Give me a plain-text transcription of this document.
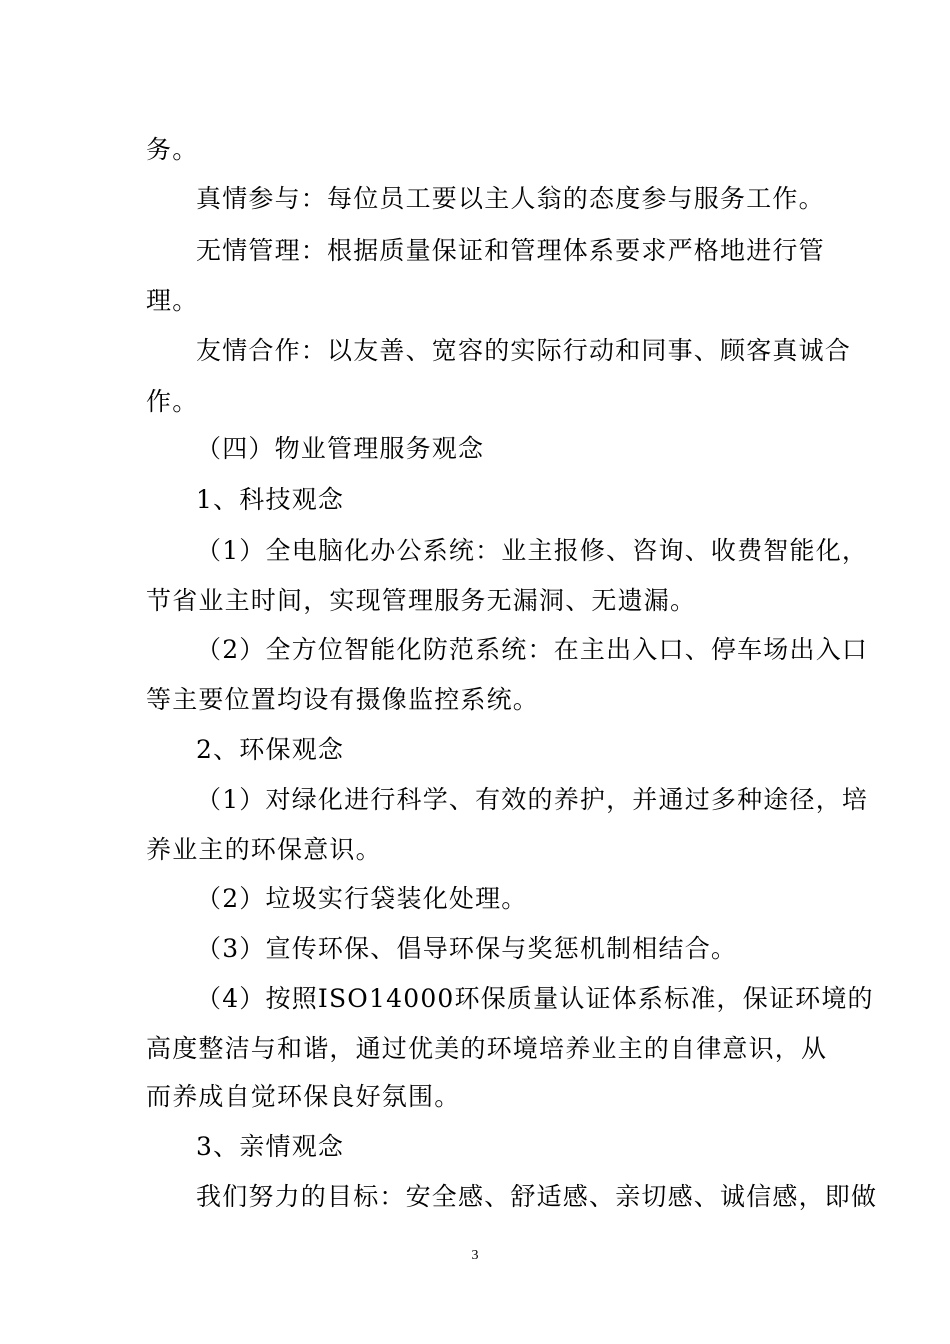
务。
真情参与：每位员工要以主人翁的态度参与服务工作。
无情管理：根据质量保证和管理体系要求严格地进行管
理。
友情合作：以友善、宽容的实际行动和同事、顾客真诚合
作。
（四）物业管理服务观念
1、科技观念
（1）全电脑化办公系统：业主报修、咨询、收费智能化，
节省业主时间，实现管理服务无漏洞、无遗漏。
（2）全方位智能化防范系统：在主出入口、停车场出入口
等主要位置均设有摄像监控系统。
2、环保观念
（1）对绿化进行科学、有效的养护，并通过多种途径，培
养业主的环保意识。
（2）垃圾实行袋装化处理。
（3）宣传环保、倡导环保与奖惩机制相结合。
（4）按照ISO14000环保质量认证体系标准，保证环境的
高度整洁与和谐，通过优美的环境培养业主的自律意识，从
而养成自觉环保良好氛围。
3、亲情观念
我们努力的目标：安全感、舒适感、亲切感、诚信感，即做
3
